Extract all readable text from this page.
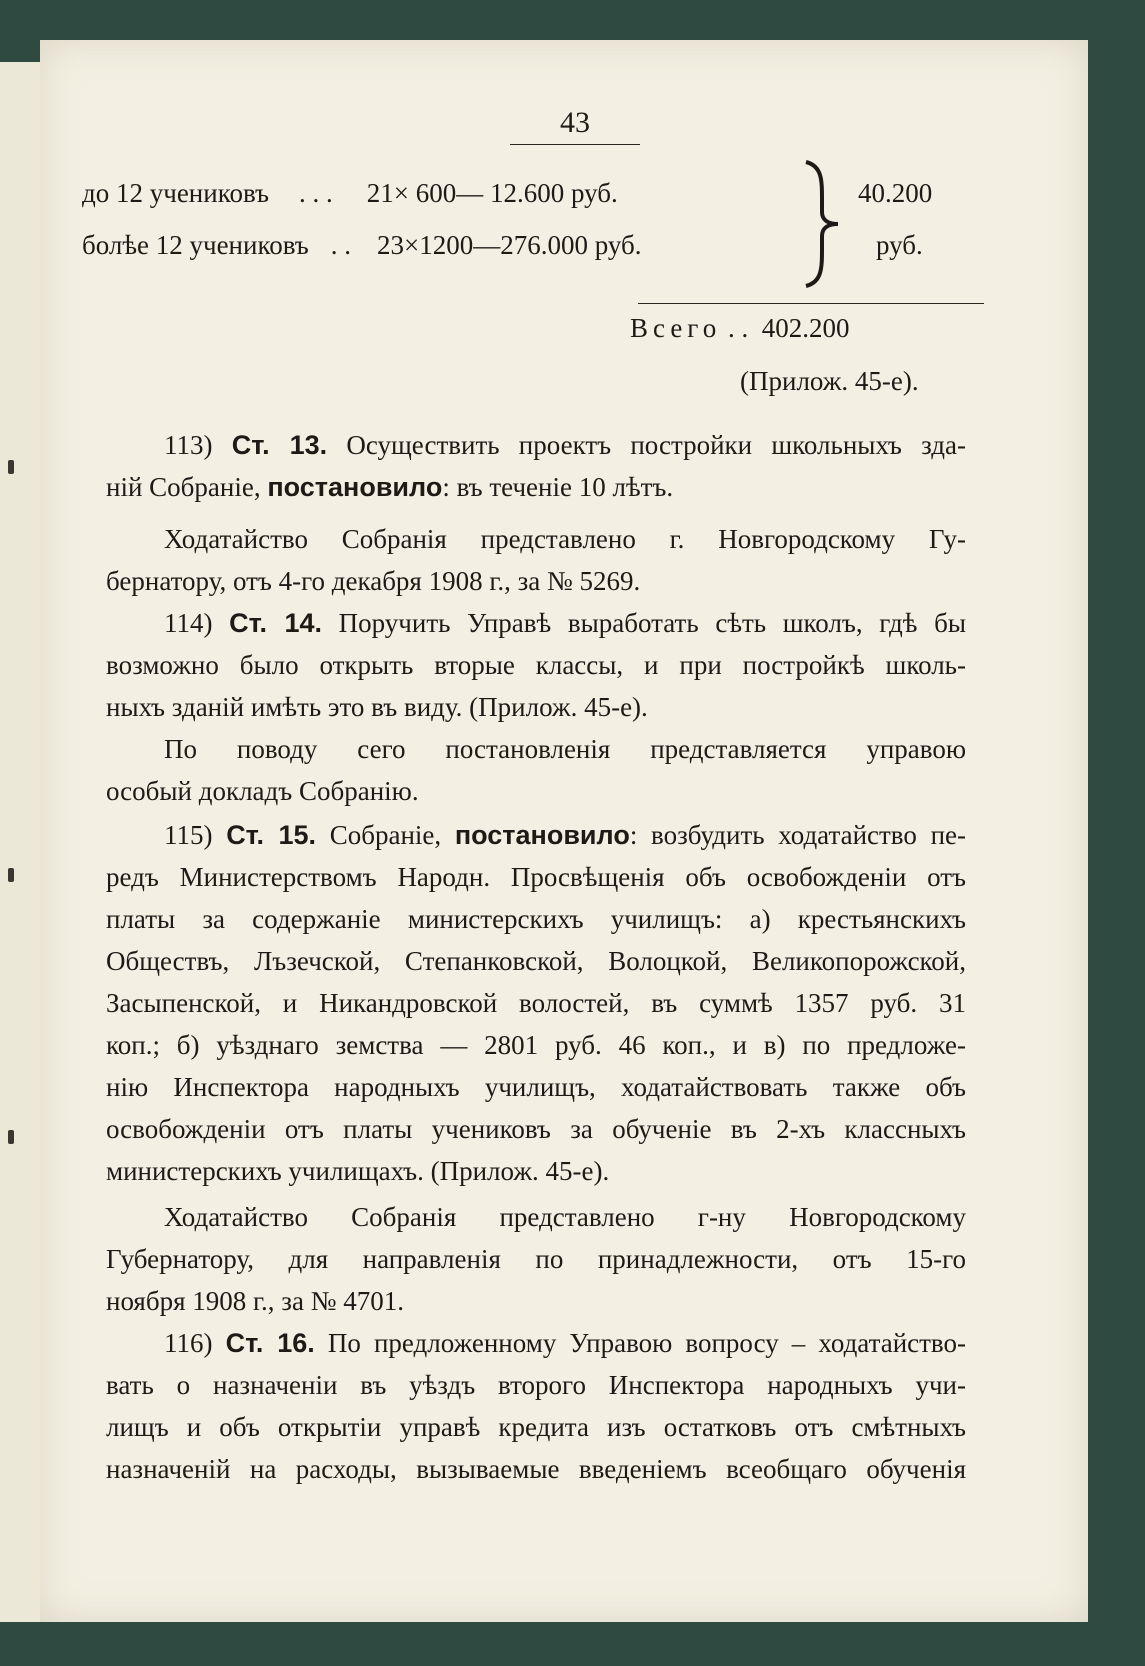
43
до 12 учениковъ . . . 21× 600— 12.600 руб.
болѣе 12 учениковъ . . 23×1200—276.000 руб.
40.200
руб.
Всего . . 402.200
(Прилож. 45-е).
113) Ст. 13. Осуществить проектъ постройки школьныхъ зда-
ній Собраніе, постановило: въ теченіе 10 лѣтъ.
Ходатайство Собранія представлено г. Новгородскому Гу-
бернатору, отъ 4-го декабря 1908 г., за № 5269.
114) Ст. 14. Поручить Управѣ выработать сѣть школъ, гдѣ бы
возможно было открыть вторые классы, и при постройкѣ школь-
ныхъ зданій имѣть это въ виду. (Прилож. 45-е).
По поводу сего постановленія представляется управою
особый докладъ Собранію.
115) Ст. 15. Собраніе, постановило: возбудить ходатайство пе-
редъ Министерствомъ Народн. Просвѣщенія объ освобожденіи отъ
платы за содержаніе министерскихъ училищъ: а) крестьянскихъ
Обществъ, Лъзечской, Степанковской, Волоцкой, Великопорожской,
Засыпенской, и Никандровской волостей, въ суммѣ 1357 руб. 31
коп.; б) уѣзднаго земства — 2801 руб. 46 коп., и в) по предложе-
нію Инспектора народныхъ училищъ, ходатайствовать также объ
освобожденіи отъ платы учениковъ за обученіе въ 2-хъ классныхъ
министерскихъ училищахъ. (Прилож. 45-е).
Ходатайство Собранія представлено г-ну Новгородскому
Губернатору, для направленія по принадлежности, отъ 15-го
ноября 1908 г., за № 4701.
116) Ст. 16. По предложенному Управою вопросу – ходатайство-
вать о назначеніи въ уѣздъ второго Инспектора народныхъ учи-
лищъ и объ открытіи управѣ кредита изъ остатковъ отъ смѣтныхъ
назначеній на расходы, вызываемые введеніемъ всеобщаго обученія
